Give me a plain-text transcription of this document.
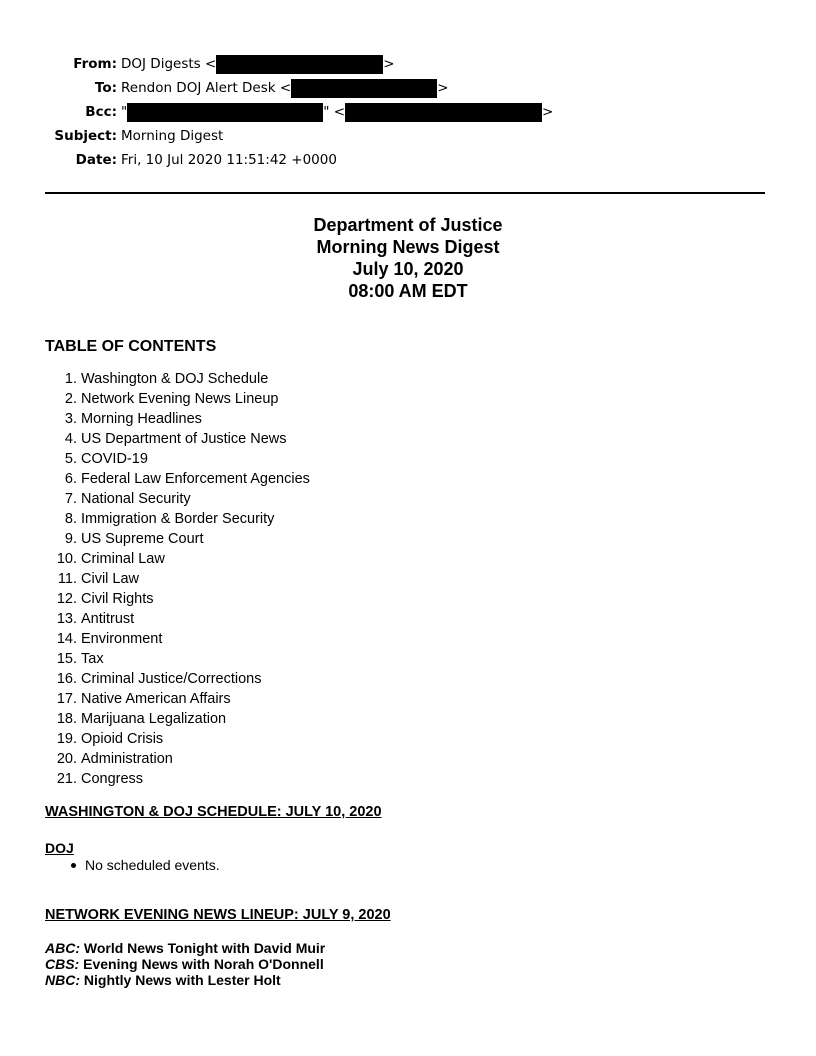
From: DOJ Digests <	>
To: Rendon DOJ Alert Desk <	>
Bcc: "	" <	>
Subject: Morning Digest
Date: Fri, 10 Jul 2020 11:51:42 +0000
Department of Justice
Morning News Digest
July 10, 2020
08:00 AM EDT
TABLE OF CONTENTS
1. Washington & DOJ Schedule
2. Network Evening News Lineup
3. Morning Headlines
4. US Department of Justice News
5. COVID-19
6. Federal Law Enforcement Agencies
7. National Security
8. Immigration & Border Security
9. US Supreme Court
10. Criminal Law
11. Civil Law
12. Civil Rights
13. Antitrust
14. Environment
15. Tax
16. Criminal Justice/Corrections
17. Native American Affairs
18. Marijuana Legalization
19. Opioid Crisis
20. Administration
21. Congress
WASHINGTON & DOJ SCHEDULE: JULY 10, 2020
DOJ
No scheduled events.
NETWORK EVENING NEWS LINEUP: JULY 9, 2020
ABC: World News Tonight with David Muir
CBS: Evening News with Norah O'Donnell
NBC: Nightly News with Lester Holt
